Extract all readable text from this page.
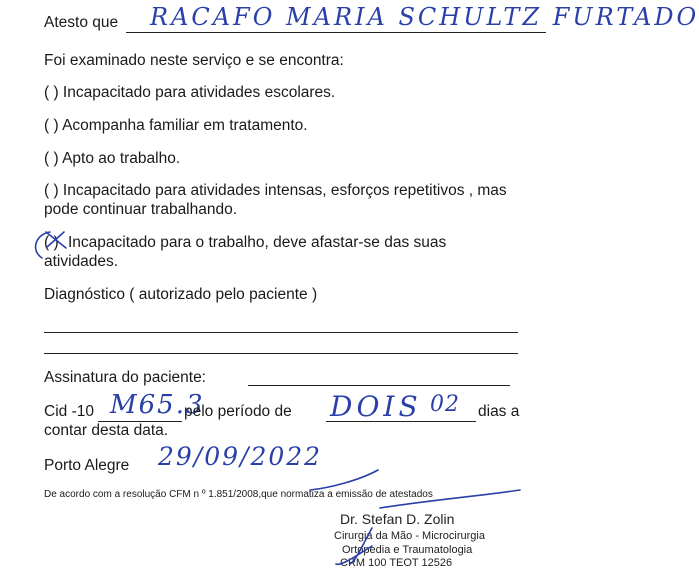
Atesto que RACAFO MARIA SCHULTZ FURTADO
Foi examinado neste serviço e se encontra:
( ) Incapacitado para atividades escolares.
( ) Acompanha familiar em tratamento.
( ) Apto ao trabalho.
( ) Incapacitado para atividades intensas, esforços repetitivos , mas
pode continuar trabalhando.
( ) Incapacitado para o trabalho, deve afastar-se das suas
atividades.
Diagnóstico ( autorizado pelo paciente )
Assinatura do paciente:
Cid -10 M65.3
pelo período de DOIS 02 dias a
contar desta data.
Porto Alegre 29/09/2022
De acordo com a resolução CFM n º 1.851/2008,que normatiza a emissão de atestados
Dr. Stefan D. Zolin
Cirurgia da Mão - Microcirurgia
Ortopedia e Traumatologia
CRM 100 TEOT 12526
